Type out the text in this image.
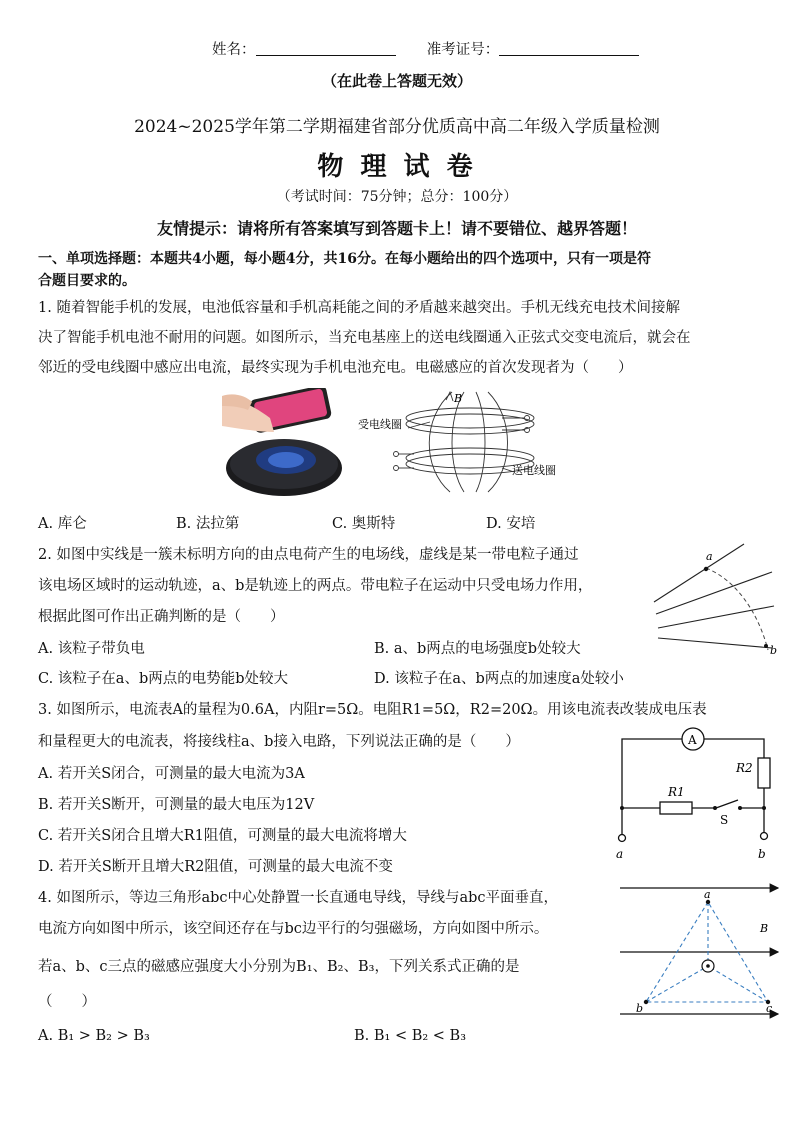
姓名：	准考证号：
（在此卷上答题无效）
2024~2025学年第二学期福建省部分优质高中高二年级入学质量检测
物 理 试 卷
（考试时间：75分钟；总分：100分）
友情提示：请将所有答案填写到答题卡上！请不要错位、越界答题！
一、单项选择题：本题共4小题，每小题4分，共16分。在每小题给出的四个选项中，只有一项是符
合题目要求的。
1. 随着智能手机的发展，电池低容量和手机高耗能之间的矛盾越来越突出。手机无线充电技术间接解
决了智能手机电池不耐用的问题。如图所示，当充电基座上的送电线圈通入正弦式交变电流后，就会在
邻近的受电线圈中感应出电流，最终实现为手机电池充电。电磁感应的首次发现者为（　　）
B
受电线圈
送电线圈
A. 库仑	B. 法拉第	C. 奥斯特	D. 安培
2. 如图中实线是一簇未标明方向的由点电荷产生的电场线，虚线是某一带电粒子通过
该电场区域时的运动轨迹，a、b是轨迹上的两点。带电粒子在运动中只受电场力作用，
根据此图可作出正确判断的是（　　）
a
b
A. 该粒子带负电	B. a、b两点的电场强度b处较大
C. 该粒子在a、b两点的电势能b处较大	D. 该粒子在a、b两点的加速度a处较小
3. 如图所示，电流表A的量程为0.6A，内阻r=5Ω。电阻R1=5Ω，R2=20Ω。用该电流表改装成电压表
和量程更大的电流表，将接线柱a、b接入电路，下列说法正确的是（　　）	A
R2
R1
S
a	b
A. 若开关S闭合，可测量的最大电流为3A
B. 若开关S断开，可测量的最大电压为12V
C. 若开关S闭合且增大R1阻值，可测量的最大电流将增大
D. 若开关S断开且增大R2阻值，可测量的最大电流不变
4. 如图所示，等边三角形abc中心处静置一长直通电导线，导线与abc平面垂直，
电流方向如图中所示，该空间还存在与bc边平行的匀强磁场，方向如图中所示。
若a、b、c三点的磁感应强度大小分别为B₁、B₂、B₃，下列关系式正确的是
（　　）
a
b	c
B
A. B₁ > B₂ > B₃	B. B₁ < B₂ < B₃
